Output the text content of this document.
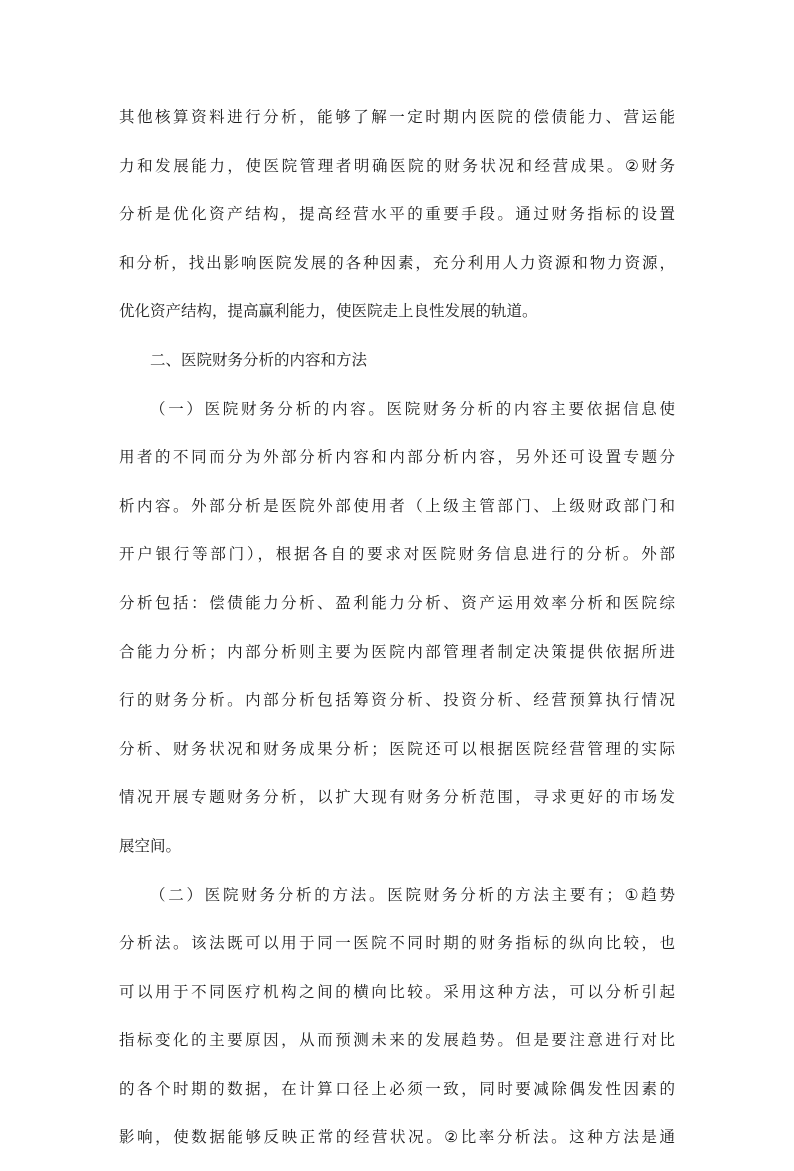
其他核算资料进行分析，能够了解一定时期内医院的偿债能力、营运能
力和发展能力，使医院管理者明确医院的财务状况和经营成果。②财务
分析是优化资产结构，提高经营水平的重要手段。通过财务指标的设置
和分析，找出影响医院发展的各种因素，充分利用人力资源和物力资源，
优化资产结构，提高赢利能力，使医院走上良性发展的轨道。
二、医院财务分析的内容和方法
（一）医院财务分析的内容。医院财务分析的内容主要依据信息使
用者的不同而分为外部分析内容和内部分析内容，另外还可设置专题分
析内容。外部分析是医院外部使用者（上级主管部门、上级财政部门和
开户银行等部门），根据各自的要求对医院财务信息进行的分析。外部
分析包括：偿债能力分析、盈利能力分析、资产运用效率分析和医院综
合能力分析；内部分析则主要为医院内部管理者制定决策提供依据所进
行的财务分析。内部分析包括筹资分析、投资分析、经营预算执行情况
分析、财务状况和财务成果分析；医院还可以根据医院经营管理的实际
情况开展专题财务分析，以扩大现有财务分析范围，寻求更好的市场发
展空间。
（二）医院财务分析的方法。医院财务分析的方法主要有；①趋势
分析法。该法既可以用于同一医院不同时期的财务指标的纵向比较，也
可以用于不同医疗机构之间的横向比较。采用这种方法，可以分析引起
指标变化的主要原因，从而预测未来的发展趋势。但是要注意进行对比
的各个时期的数据，在计算口径上必须一致，同时要减除偶发性因素的
影响，使数据能够反映正常的经营状况。②比率分析法。这种方法是通
